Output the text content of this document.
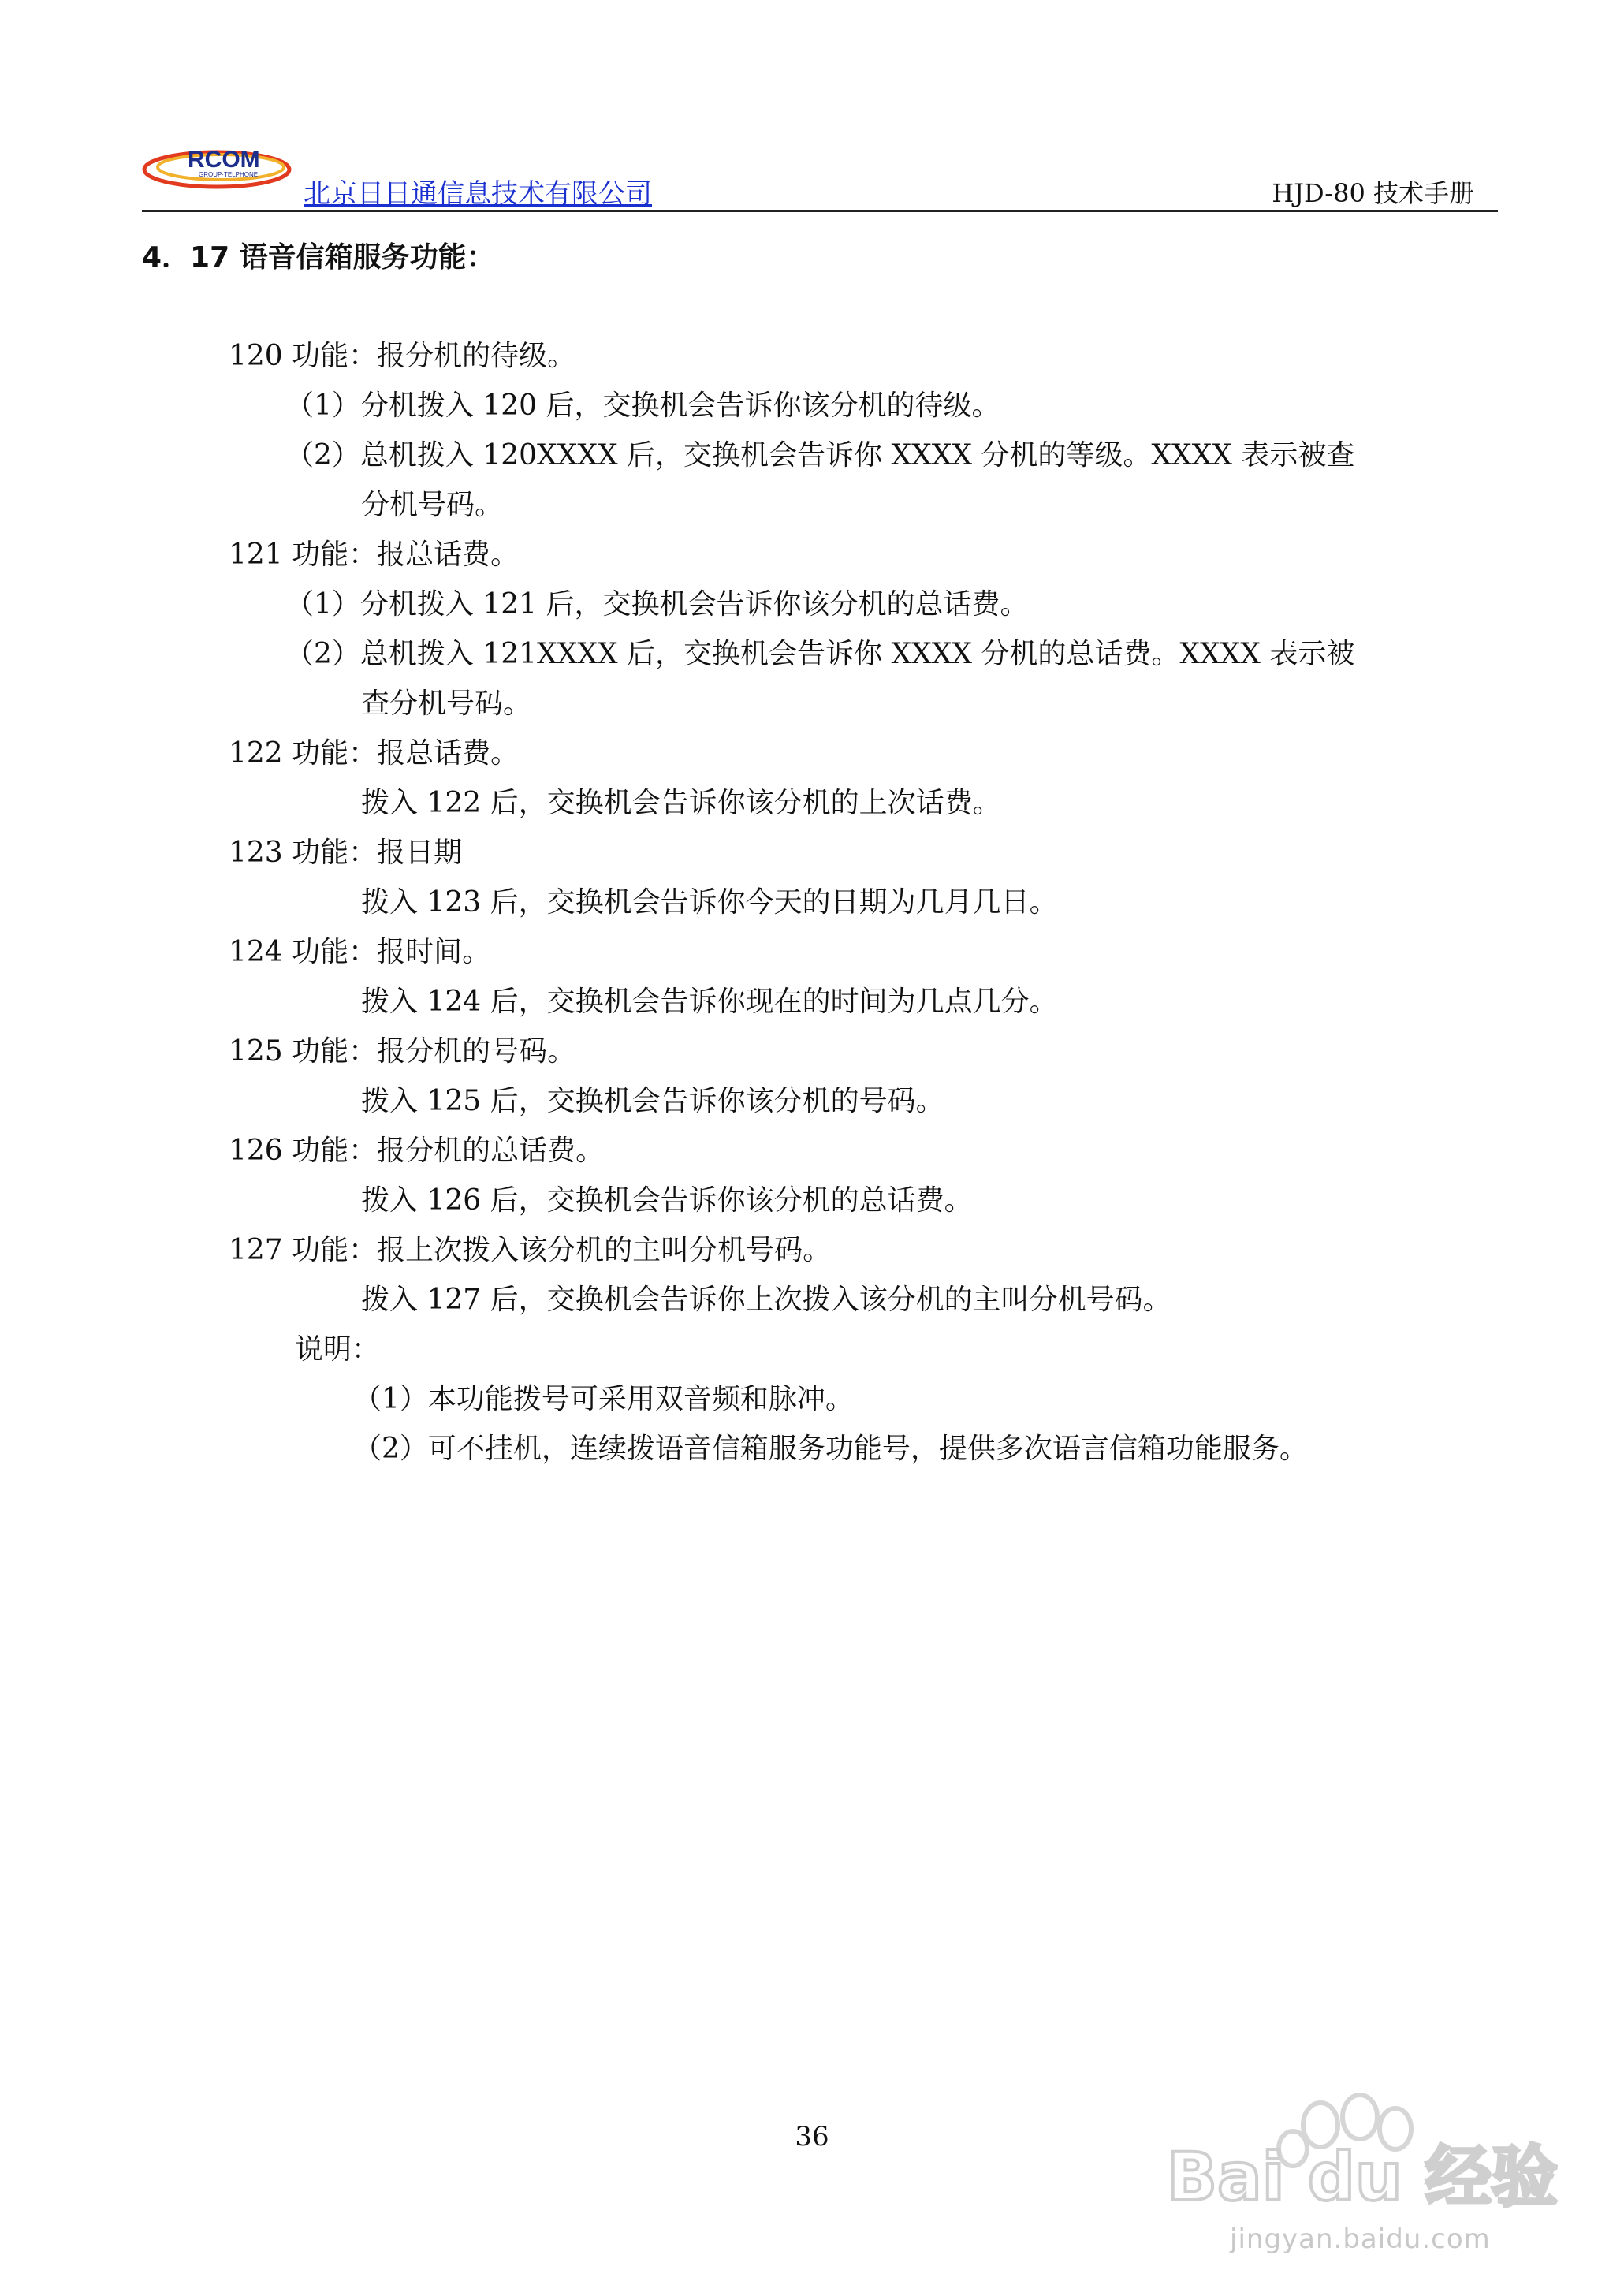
RCOM
GROUP·TELPHONE
北京日日通信息技术有限公司	HJD-80 技术手册
4．17 语音信箱服务功能：
120 功能：报分机的待级。
（1）分机拨入 120 后，交换机会告诉你该分机的待级。
（2）总机拨入 120XXXX 后，交换机会告诉你 XXXX 分机的等级。XXXX 表示被查
分机号码。
121 功能：报总话费。
（1）分机拨入 121 后，交换机会告诉你该分机的总话费。
（2）总机拨入 121XXXX 后，交换机会告诉你 XXXX 分机的总话费。XXXX 表示被
查分机号码。
122 功能：报总话费。
拨入 122 后，交换机会告诉你该分机的上次话费。
123 功能：报日期
拨入 123 后，交换机会告诉你今天的日期为几月几日。
124 功能：报时间。
拨入 124 后，交换机会告诉你现在的时间为几点几分。
125 功能：报分机的号码。
拨入 125 后，交换机会告诉你该分机的号码。
126 功能：报分机的总话费。
拨入 126 后，交换机会告诉你该分机的总话费。
127 功能：报上次拨入该分机的主叫分机号码。
拨入 127 后，交换机会告诉你上次拨入该分机的主叫分机号码。
说明：
（1）本功能拨号可采用双音频和脉冲。
（2）可不挂机，连续拨语音信箱服务功能号，提供多次语言信箱功能服务。
36
Bai du 经验
jingyan.baidu.com
